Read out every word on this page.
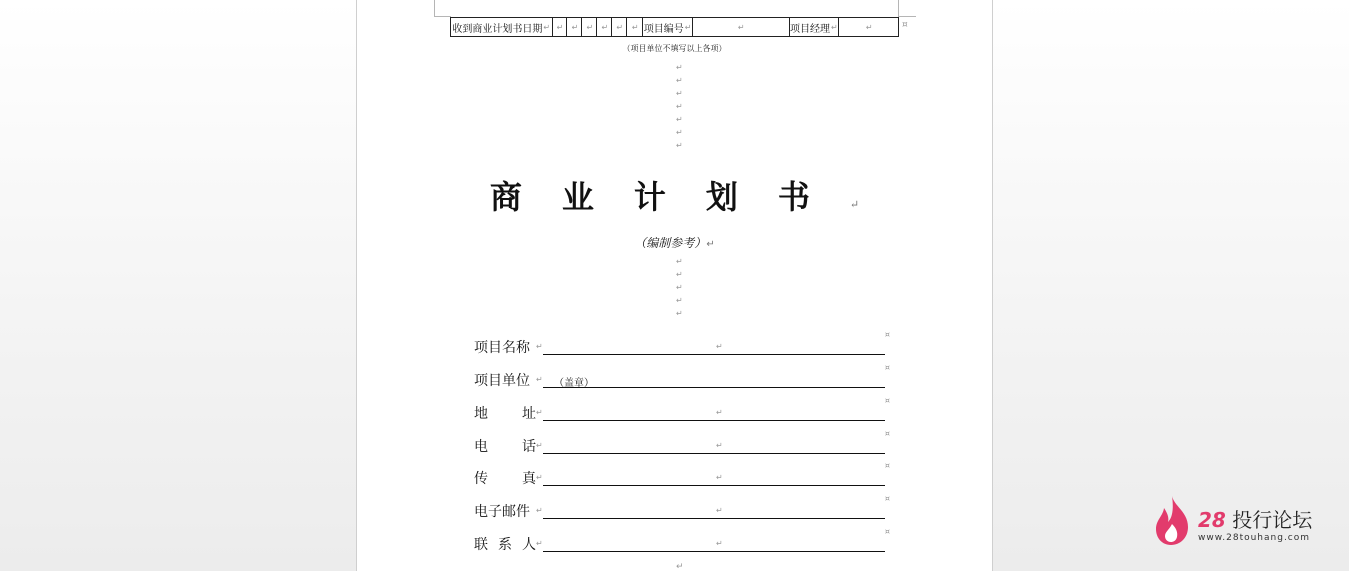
收到商业计划书日期 ↵ ↵ ↵ ↵ ↵ ↵ ↵ 项目编号 ↵	↵	项目经理 ↵	↵	¤
（项目单位不填写以上各项）
↵
↵
↵
↵
↵
↵
↵
商业计划书↵
（编制参考）↵
↵
↵
↵
↵
↵
项目名称 ↵	↵
¤
项目单位 ↵ （盖章）
¤
地 址 ↵	↵
¤
电 话 ↵	↵
¤
传 真 ↵	↵
¤
电子邮件 ↵	↵
¤
联 系 人 ↵	↵
¤
↵
28 投行论坛
www.28touhang.com
